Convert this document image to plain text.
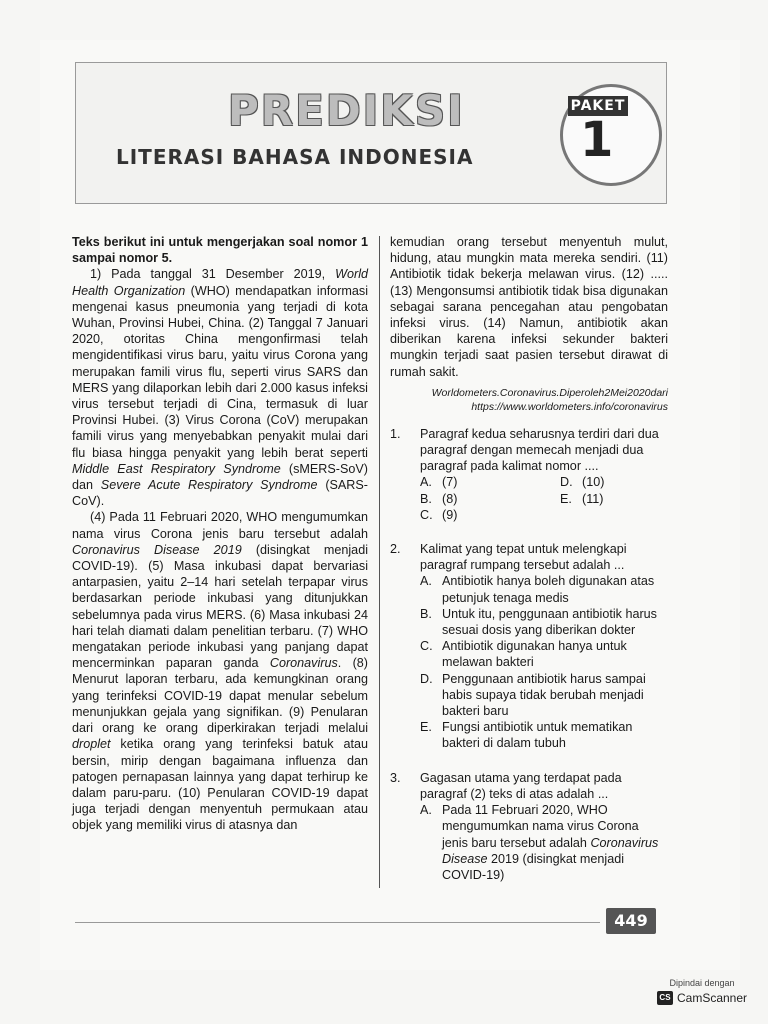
PREDIKSI
LITERASI BAHASA INDONESIA
PAKET
1

Teks berikut ini untuk mengerjakan soal nomor 1 sampai nomor 5.

1) Pada tanggal 31 Desember 2019, World Health Organization (WHO) mendapatkan informasi mengenai kasus pneumonia yang terjadi di kota Wuhan, Provinsi Hubei, China. (2) Tanggal 7 Januari 2020, otoritas China mengonfirmasi telah mengidentifikasi virus baru, yaitu virus Corona yang merupakan famili virus flu, seperti virus SARS dan MERS yang dilaporkan lebih dari 2.000 kasus infeksi virus tersebut terjadi di Cina, termasuk di luar Provinsi Hubei. (3) Virus Corona (CoV) merupakan famili virus yang menyebabkan penyakit mulai dari flu biasa hingga penyakit yang lebih berat seperti Middle East Respiratory Syndrome (sMERS-SoV) dan Severe Acute Respiratory Syndrome (SARS-CoV).

(4) Pada 11 Februari 2020, WHO mengumumkan nama virus Corona jenis baru tersebut adalah Coronavirus Disease 2019 (disingkat menjadi COVID-19). (5) Masa inkubasi dapat bervariasi antarpasien, yaitu 2–14 hari setelah terpapar virus berdasarkan periode inkubasi yang ditunjukkan sebelumnya pada virus MERS. (6) Masa inkubasi 24 hari telah diamati dalam penelitian terbaru. (7) WHO mengatakan periode inkubasi yang panjang dapat mencerminkan paparan ganda Coronavirus. (8) Menurut laporan terbaru, ada kemungkinan orang yang terinfeksi COVID-19 dapat menular sebelum menunjukkan gejala yang signifikan. (9) Penularan dari orang ke orang diperkirakan terjadi melalui droplet ketika orang yang terinfeksi batuk atau bersin, mirip dengan bagaimana influenza dan patogen pernapasan lainnya yang dapat terhirup ke dalam paru-paru. (10) Penularan COVID-19 dapat juga terjadi dengan menyentuh permukaan atau objek yang memiliki virus di atasnya dan

kemudian orang tersebut menyentuh mulut, hidung, atau mungkin mata mereka sendiri. (11) Antibiotik tidak bekerja melawan virus. (12) ..... (13) Mengonsumsi antibiotik tidak bisa digunakan sebagai sarana pencegahan atau pengobatan infeksi virus. (14) Namun, antibiotik akan diberikan karena infeksi sekunder bakteri mungkin terjadi saat pasien tersebut dirawat di rumah sakit.

Worldometers.Coronavirus.Diperoleh2Mei2020dari
https://www.worldometers.info/coronavirus
1.	Paragraf kedua seharusnya terdiri dari dua paragraf dengan memecah menjadi dua paragraf pada kalimat nomor ....
A. (7)	D. (10)
B. (8)	E. (11)
C. (9)
2.	Kalimat yang tepat untuk melengkapi paragraf rumpang tersebut adalah ...
A. Antibiotik hanya boleh digunakan atas petunjuk tenaga medis
B. Untuk itu, penggunaan antibiotik harus sesuai dosis yang diberikan dokter
C. Antibiotik digunakan hanya untuk melawan bakteri
D. Penggunaan antibiotik harus sampai habis supaya tidak berubah menjadi bakteri baru
E. Fungsi antibiotik untuk mematikan bakteri di dalam tubuh
3.	Gagasan utama yang terdapat pada paragraf (2) teks di atas adalah ...
A. Pada 11 Februari 2020, WHO mengumumkan nama virus Corona jenis baru tersebut adalah Coronavirus Disease 2019 (disingkat menjadi COVID-19)
449
Dipindai dengan
CS CamScanner
